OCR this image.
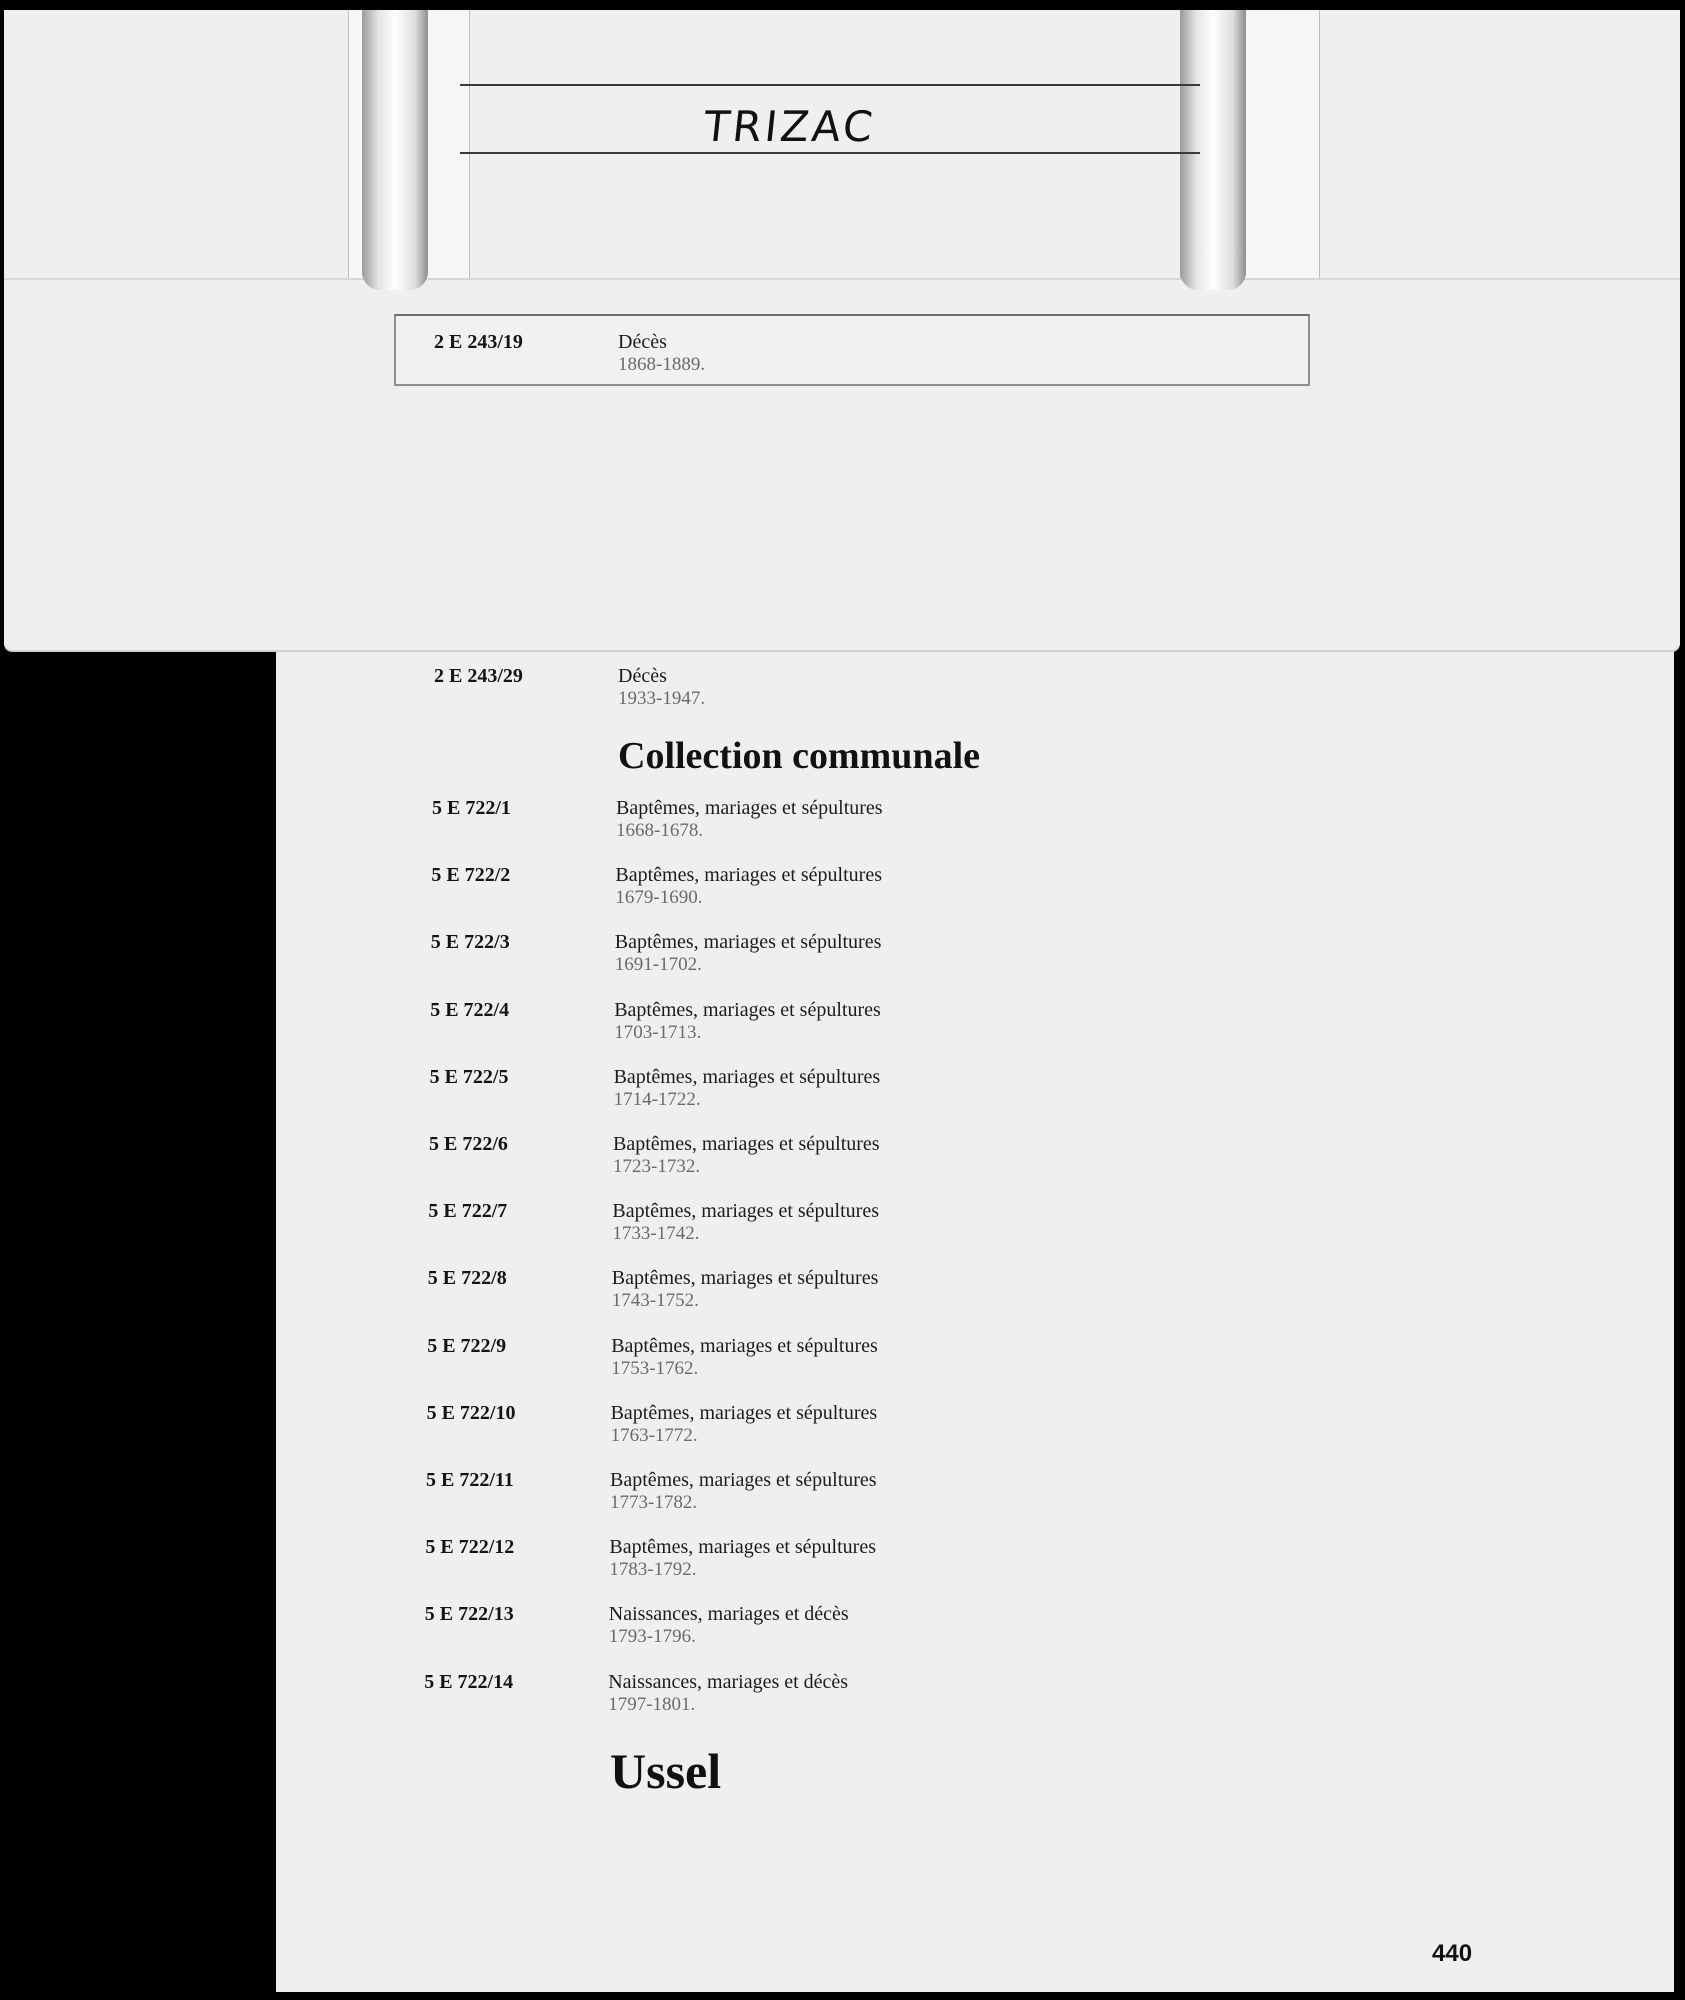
TRIZAC
2 E 243/19	Décès
1868-1889.
2 E 243/29	Décès
1933-1947.
Collection communale
5 E 722/1	Baptêmes, mariages et sépultures
1668-1678.
5 E 722/2	Baptêmes, mariages et sépultures
1679-1690.
5 E 722/3	Baptêmes, mariages et sépultures
1691-1702.
5 E 722/4	Baptêmes, mariages et sépultures
1703-1713.
5 E 722/5	Baptêmes, mariages et sépultures
1714-1722.
5 E 722/6	Baptêmes, mariages et sépultures
1723-1732.
5 E 722/7	Baptêmes, mariages et sépultures
1733-1742.
5 E 722/8	Baptêmes, mariages et sépultures
1743-1752.
5 E 722/9	Baptêmes, mariages et sépultures
1753-1762.
5 E 722/10	Baptêmes, mariages et sépultures
1763-1772.
5 E 722/11	Baptêmes, mariages et sépultures
1773-1782.
5 E 722/12	Baptêmes, mariages et sépultures
1783-1792.
5 E 722/13	Naissances, mariages et décès
1793-1796.
5 E 722/14	Naissances, mariages et décès
1797-1801.
Ussel
440
